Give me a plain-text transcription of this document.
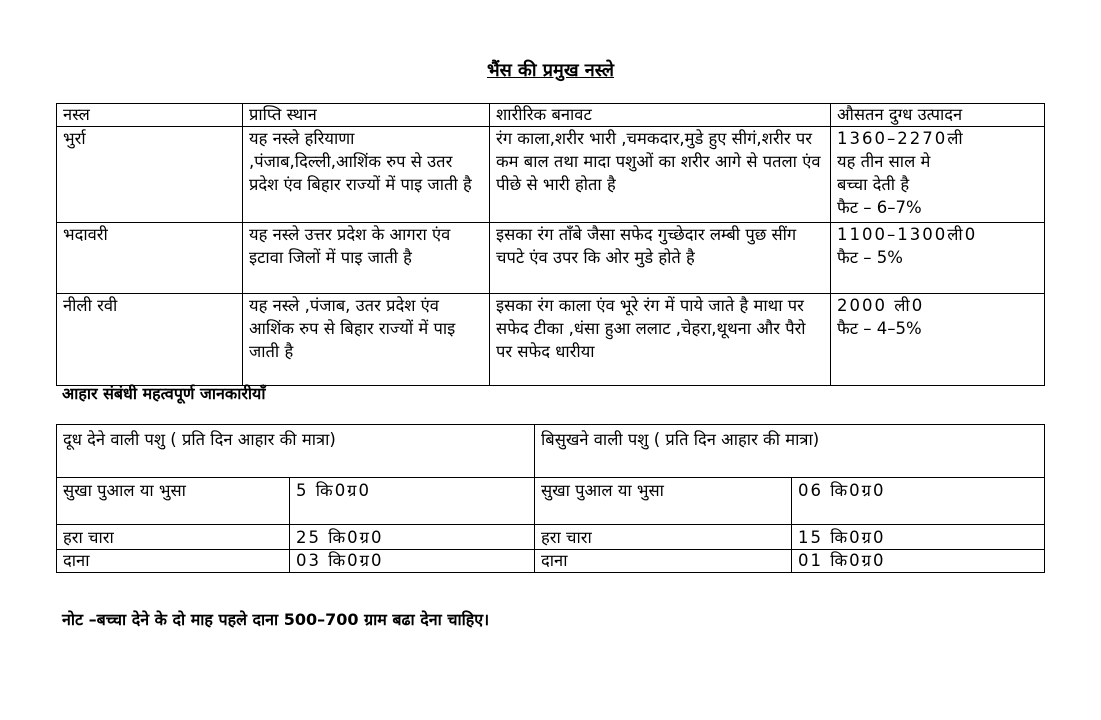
भैंस की प्रमुख नस्ले
नस्ल	प्राप्ति स्थान	शारीरिक बनावट	औसतन दुग्ध उत्पादन
भुर्रा	यह नस्ले हरियाणा ,पंजाब,दिल्ली,आशिंक रुप से उतर प्रदेश एंव बिहार राज्यों में पाइ जाती है	रंग काला,शरीर भारी ,चमकदार,मुडे हुए सीगं,शरीर पर कम बाल तथा मादा पशुओं का शरीर आगे से पतला एंव पीछे से भारी होता है	1360–2270ली
यह तीन साल मे
बच्चा देती है
फैट – 6–7%

भदावरी	यह नस्ले उत्तर प्रदेश के आगरा एंव इटावा जिलों में पाइ जाती है	इसका रंग ताँबे जैसा सफेद गुच्छेदार लम्बी पुछ सींग चपटे एंव उपर कि ओर मुडे होते है	1100–1300ली0
फैट – 5%

नीली रवी	यह नस्ले ,पंजाब, उतर प्रदेश एंव आशिंक रुप से बिहार राज्यों में पाइ जाती है	इसका रंग काला एंव भूरे रंग में पाये जाते है माथा पर सफेद टीका ,धंसा हुआ ललाट ,चेहरा,थूथना और पैरो पर सफेद धारीया	2000 ली0
फैट – 4–5%
आहार संबंधी महत्वपूर्ण जानकारीयॉं
दूध देने वाली पशु ( प्रति दिन आहार की मात्रा)		बिसुखने वाली पशु ( प्रति दिन आहार की मात्रा)	
सुखा पुआल या भुसा	5 कि0ग्र0	सुखा पुआल या भुसा	06 कि0ग्र0
हरा चारा	25 कि0ग्र0	हरा चारा	15 कि0ग्र0
दाना	03 कि0ग्र0	दाना	01 कि0ग्र0
नोट –बच्चा देने के दो माह पहले दाना 500–700 ग्राम बढा देना चाहिए।
